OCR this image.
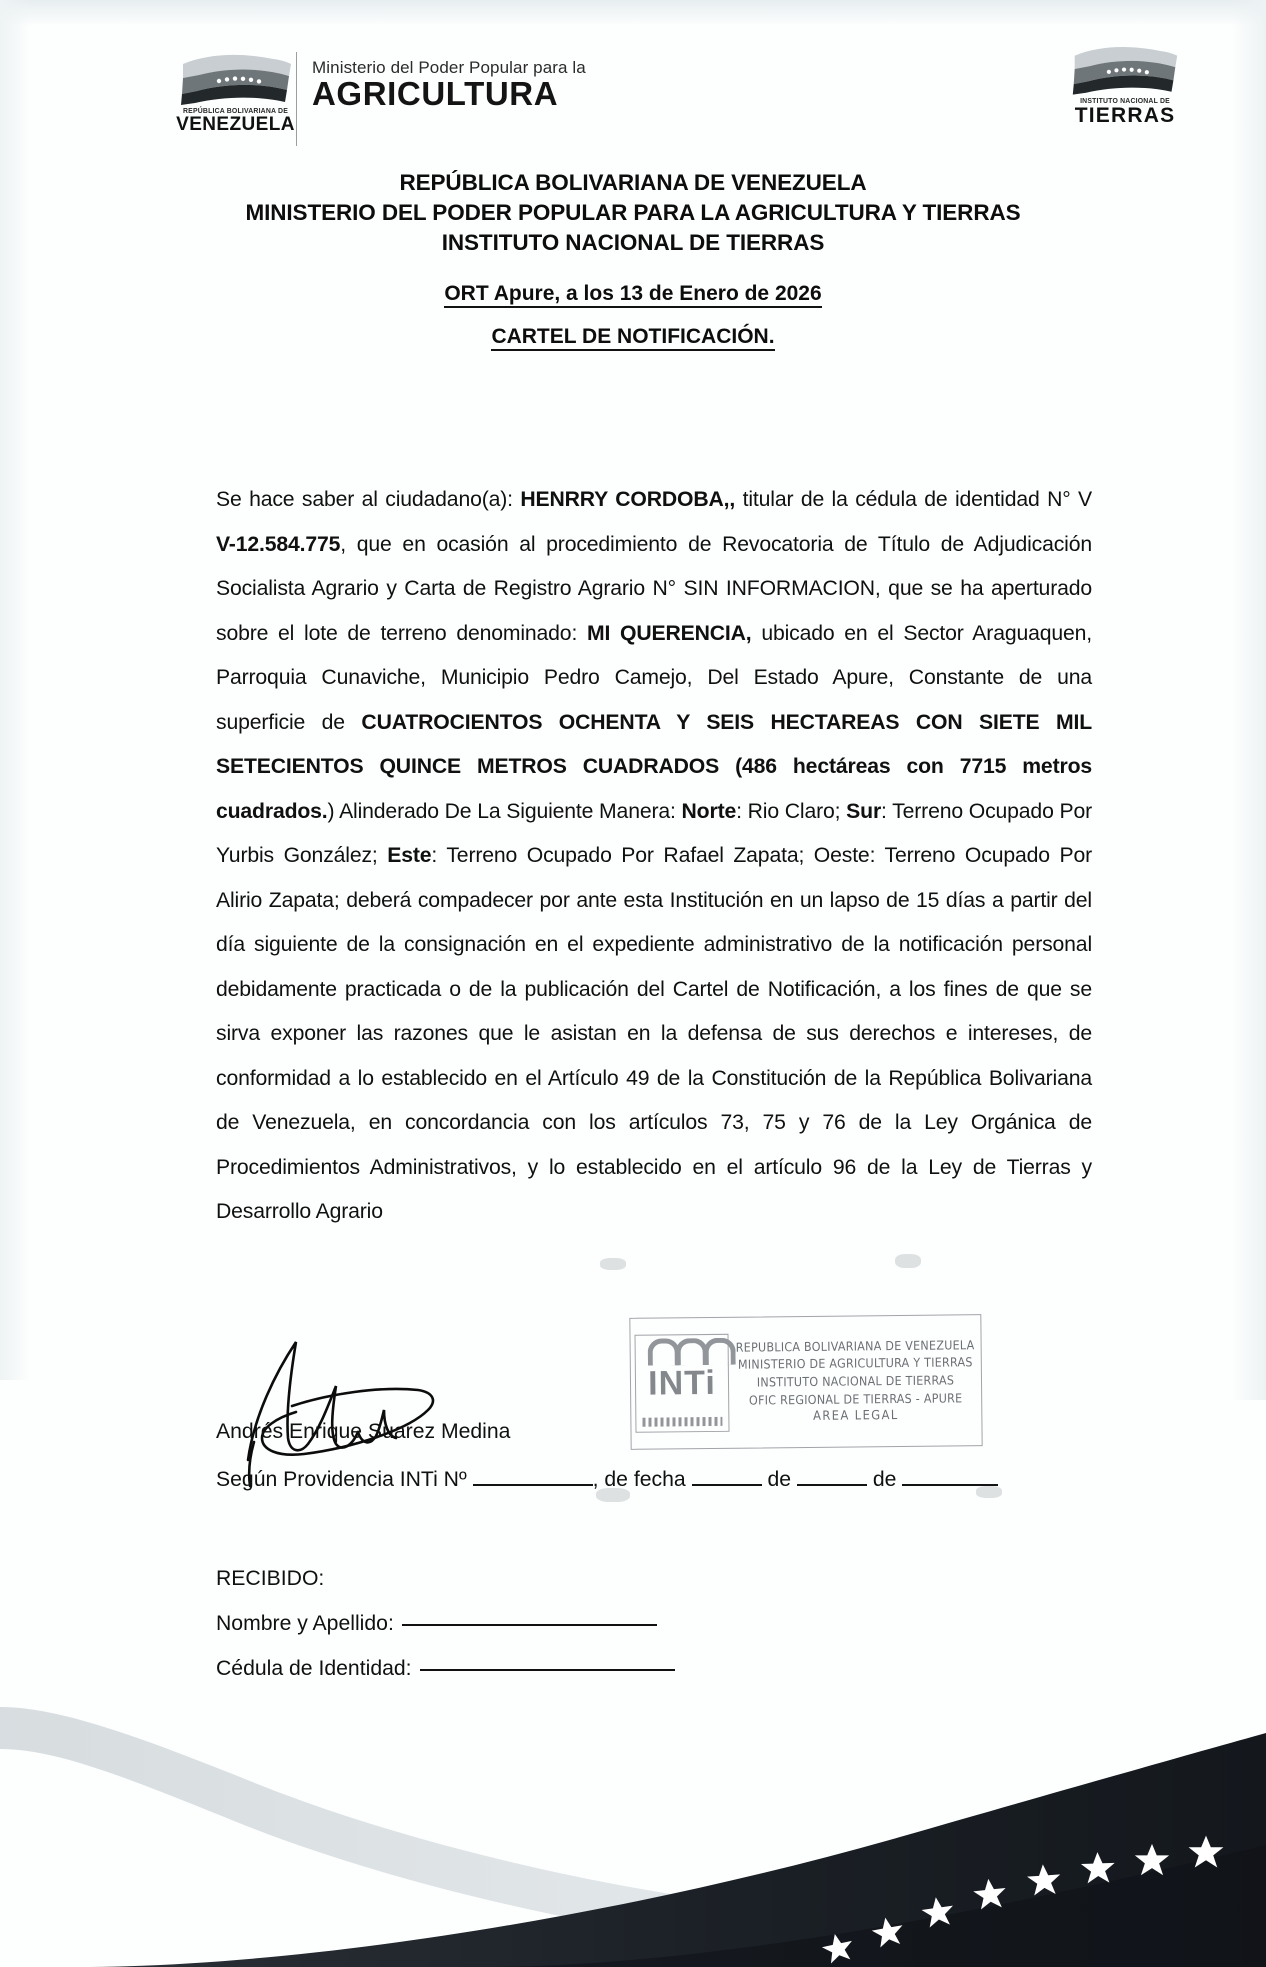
REPÚBLICA BOLIVARIANA DE
VENEZUELA
Ministerio del Poder Popular para la
AGRICULTURA	INSTITUTO NACIONAL DE
TIERRAS
REPÚBLICA BOLIVARIANA DE VENEZUELA
MINISTERIO DEL PODER POPULAR PARA LA AGRICULTURA Y TIERRAS
INSTITUTO NACIONAL DE TIERRAS
ORT Apure, a los 13 de Enero de 2026
CARTEL DE NOTIFICACIÓN.
Se hace saber al ciudadano(a): HENRRY CORDOBA,, titular de la cédula de identidad N° V V-12.584.775, que en ocasión al procedimiento de Revocatoria de Título de Adjudicación Socialista Agrario y Carta de Registro Agrario N° SIN INFORMACION, que se ha aperturado sobre el lote de terreno denominado: MI QUERENCIA, ubicado en el Sector Araguaquen, Parroquia Cunaviche, Municipio Pedro Camejo, Del Estado Apure, Constante de una superficie de CUATROCIENTOS OCHENTA Y SEIS HECTAREAS CON SIETE MIL SETECIENTOS QUINCE METROS CUADRADOS (486 hectáreas con 7715 metros cuadrados.) Alinderado De La Siguiente Manera: Norte: Rio Claro; Sur: Terreno Ocupado Por Yurbis González; Este: Terreno Ocupado Por Rafael Zapata; Oeste: Terreno Ocupado Por Alirio Zapata; deberá compadecer por ante esta Institución en un lapso de 15 días a partir del día siguiente de la consignación en el expediente administrativo de la notificación personal debidamente practicada o de la publicación del Cartel de Notificación, a los fines de que se sirva exponer las razones que le asistan en la defensa de sus derechos e intereses, de conformidad a lo establecido en el Artículo 49 de la Constitución de la República Bolivariana de Venezuela, en concordancia con los artículos 73, 75 y 76 de la Ley Orgánica de Procedimientos Administrativos, y lo establecido en el artículo 96 de la Ley de Tierras y Desarrollo Agrario
Andrés Enrique Suarez Medina
Según Providencia INTi Nº	, de fecha	de	de
INTi
REPUBLICA BOLIVARIANA DE VENEZUELA
MINISTERIO DE AGRICULTURA Y TIERRAS
INSTITUTO NACIONAL DE TIERRAS
OFIC REGIONAL DE TIERRAS - APURE
AREA LEGAL
RECIBIDO:
Nombre y Apellido:
Cédula de Identidad:
